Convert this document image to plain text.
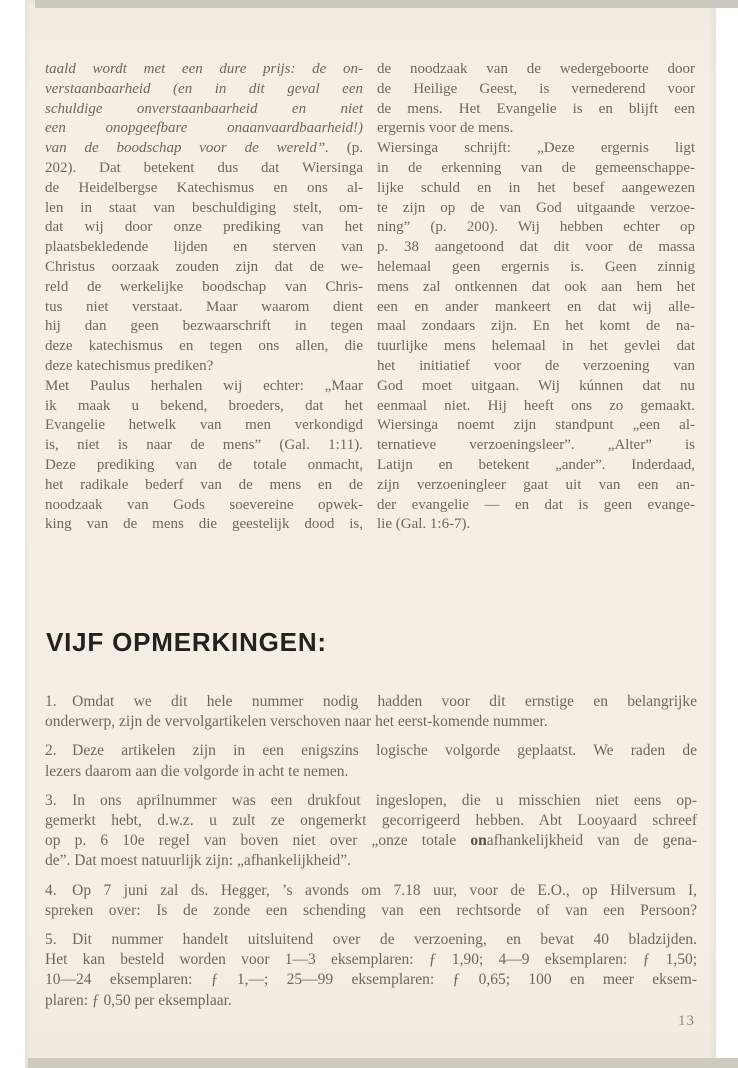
taald wordt met een dure prijs: de on-
verstaanbaarheid (en in dit geval een
schuldige onverstaanbaarheid en niet
een onopgeefbare onaanvaardbaarheid!)
van de boodschap voor de wereld”. (p.
202). Dat betekent dus dat Wiersinga
de Heidelbergse Katechismus en ons al-
len in staat van beschuldiging stelt, om-
dat wij door onze prediking van het
plaatsbekledende lijden en sterven van
Christus oorzaak zouden zijn dat de we-
reld de werkelijke boodschap van Chris-
tus niet verstaat. Maar waarom dient
hij dan geen bezwaarschrift in tegen
deze katechismus en tegen ons allen, die
deze katechismus prediken?
Met Paulus herhalen wij echter: „Maar
ik maak u bekend, broeders, dat het
Evangelie hetwelk van men verkondigd
is, niet is naar de mens” (Gal. 1:11).
Deze prediking van de totale onmacht,
het radikale bederf van de mens en de
noodzaak van Gods soevereine opwek-
king van de mens die geestelijk dood is,
de noodzaak van de wedergeboorte door
de Heilige Geest, is vernederend voor
de mens. Het Evangelie is en blijft een
ergernis voor de mens.
Wiersinga schrijft: „Deze ergernis ligt
in de erkenning van de gemeenschappe-
lijke schuld en in het besef aangewezen
te zijn op de van God uitgaande verzoe-
ning” (p. 200). Wij hebben echter op
p. 38 aangetoond dat dit voor de massa
helemaal geen ergernis is. Geen zinnig
mens zal ontkennen dat ook aan hem het
een en ander mankeert en dat wij alle-
maal zondaars zijn. En het komt de na-
tuurlijke mens helemaal in het gevlei dat
het initiatief voor de verzoening van
God moet uitgaan. Wij kúnnen dat nu
eenmaal niet. Hij heeft ons zo gemaakt.
Wiersinga noemt zijn standpunt „een al-
ternatieve verzoeningsleer”. „Alter” is
Latijn en betekent „ander”. Inderdaad,
zijn verzoeningleer gaat uit van een an-
der evangelie — en dat is geen evange-
lie (Gal. 1:6-7).
VIJF OPMERKINGEN:
1.  Omdat we dit hele nummer nodig hadden voor dit ernstige en belangrijke
onderwerp, zijn de vervolgartikelen verschoven naar het eerst-komende nummer.
2.  Deze artikelen zijn in een enigszins logische volgorde geplaatst. We raden de
lezers daarom aan die volgorde in acht te nemen.
3.  In ons aprilnummer was een drukfout ingeslopen, die u misschien niet eens op-
gemerkt hebt, d.w.z. u zult ze ongemerkt gecorrigeerd hebben. Abt Looyaard schreef
op p. 6 10e regel van boven niet over „onze totale onafhankelijkheid van de gena-
de”. Dat moest natuurlijk zijn: „afhankelijkheid”.
4.  Op 7 juni zal ds. Hegger, ’s avonds om 7.18 uur, voor de E.O., op Hilversum I,
spreken over: Is de zonde een schending van een rechtsorde of van een Persoon?
5.  Dit nummer handelt uitsluitend over de verzoening, en bevat 40 bladzijden.
Het kan besteld worden voor 1—3 eksemplaren: ƒ 1,90; 4—9 eksemplaren: ƒ 1,50;
10—24 eksemplaren: ƒ 1,—; 25—99 eksemplaren: ƒ 0,65; 100 en meer eksem-
plaren: ƒ 0,50 per eksemplaar.
13
